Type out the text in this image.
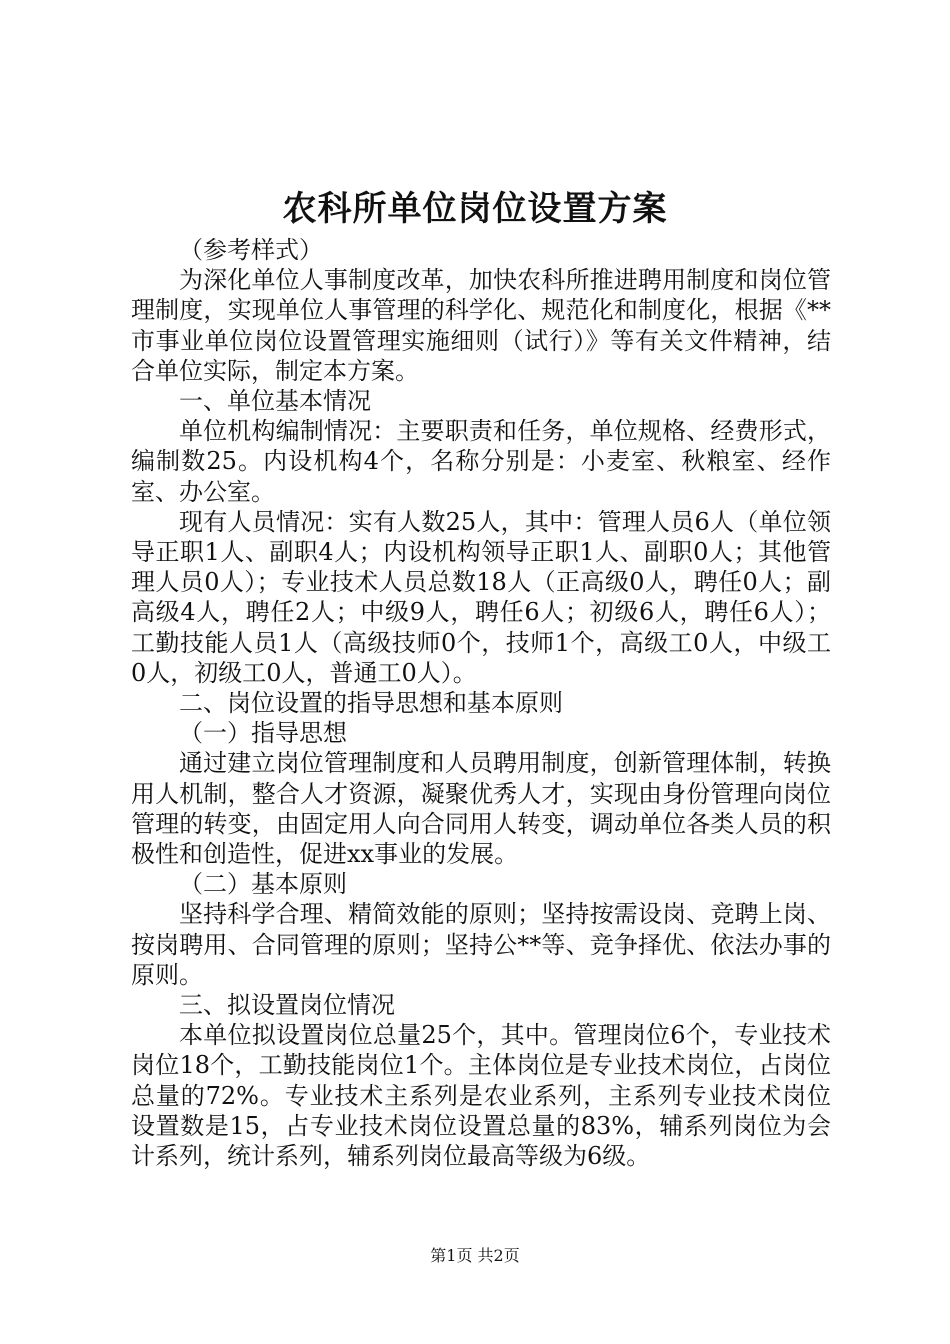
农科所单位岗位设置方案

（参考样式）

为深化单位人事制度改革，加快农科所推进聘用制度和岗位管理制度，实现单位人事管理的科学化、规范化和制度化，根据《**市事业单位岗位设置管理实施细则（试行）》等有关文件精神，结合单位实际，制定本方案。

一、单位基本情况

单位机构编制情况：主要职责和任务，单位规格、经费形式，编制数25。内设机构4个，名称分别是：小麦室、秋粮室、经作室、办公室。

现有人员情况：实有人数25人，其中：管理人员6人（单位领导正职1人、副职4人；内设机构领导正职1人、副职0人；其他管理人员0人）；专业技术人员总数18人（正高级0人，聘任0人；副高级4人，聘任2人；中级9人，聘任6人；初级6人，聘任6人）；工勤技能人员1人（高级技师0个，技师1个，高级工0人，中级工0人，初级工0人，普通工0人）。

二、岗位设置的指导思想和基本原则

（一）指导思想

通过建立岗位管理制度和人员聘用制度，创新管理体制，转换用人机制，整合人才资源，凝聚优秀人才，实现由身份管理向岗位管理的转变，由固定用人向合同用人转变，调动单位各类人员的积极性和创造性，促进xx事业的发展。

（二）基本原则

坚持科学合理、精简效能的原则；坚持按需设岗、竞聘上岗、按岗聘用、合同管理的原则；坚持公**等、竞争择优、依法办事的原则。

三、拟设置岗位情况

本单位拟设置岗位总量25个，其中。管理岗位6个，专业技术岗位18个，工勤技能岗位1个。主体岗位是专业技术岗位，占岗位总量的72%。专业技术主系列是农业系列，主系列专业技术岗位设置数是15，占专业技术岗位设置总量的83%，辅系列岗位为会计系列，统计系列，辅系列岗位最高等级为6级。

第1页 共2页
